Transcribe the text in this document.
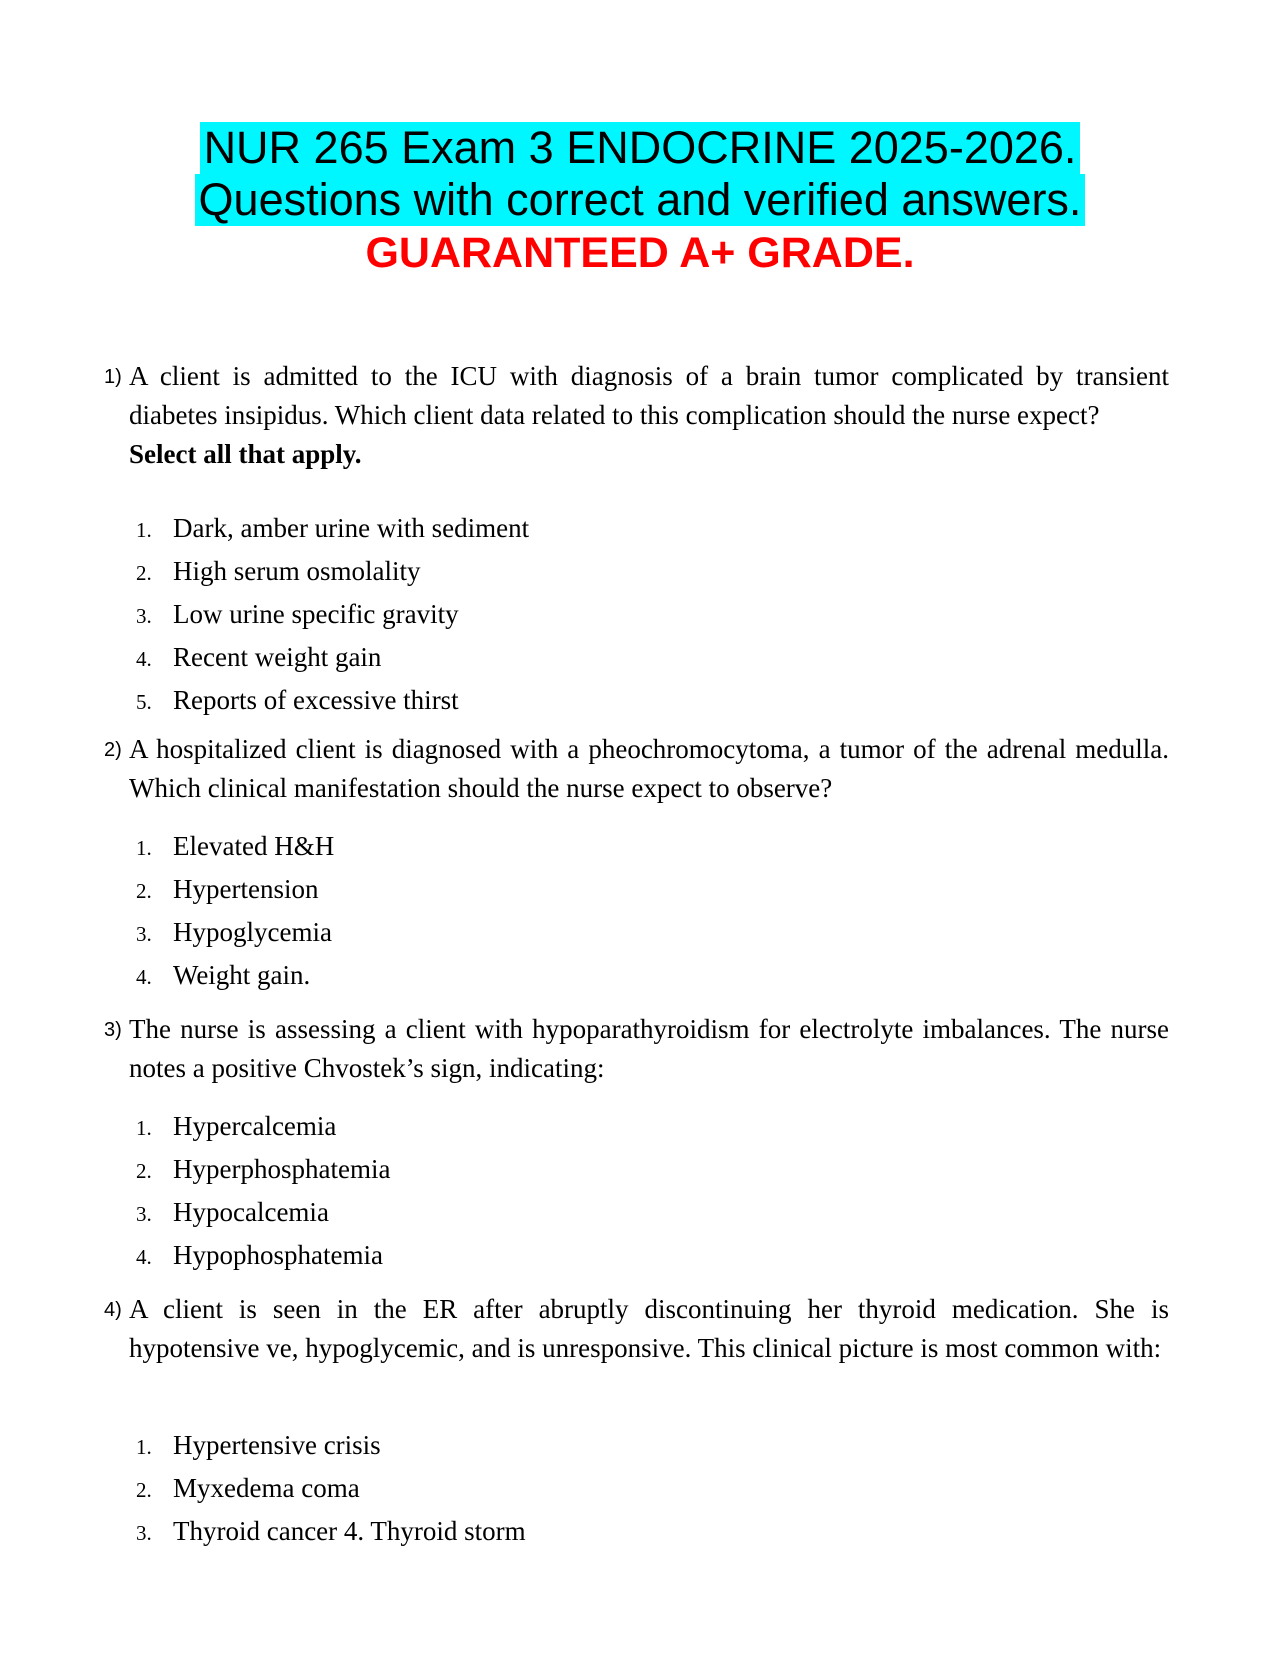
NUR 265 Exam 3 ENDOCRINE 2025-2026.
Questions with correct and verified answers.
GUARANTEED A+ GRADE.
1) A client is admitted to the ICU with diagnosis of a brain tumor complicated by transient diabetes insipidus. Which client data related to this complication should the nurse expect?
Select all that apply.
1. Dark, amber urine with sediment
2. High serum osmolality
3. Low urine specific gravity
4. Recent weight gain
5. Reports of excessive thirst
2) A hospitalized client is diagnosed with a pheochromocytoma, a tumor of the adrenal medulla. Which clinical manifestation should the nurse expect to observe?
1. Elevated H&H
2. Hypertension
3. Hypoglycemia
4. Weight gain.
3) The nurse is assessing a client with hypoparathyroidism for electrolyte imbalances. The nurse notes a positive Chvostek’s sign, indicating:
1. Hypercalcemia
2. Hyperphosphatemia
3. Hypocalcemia
4. Hypophosphatemia
4) A client is seen in the ER after abruptly discontinuing her thyroid medication. She is hypotensive ve, hypoglycemic, and is unresponsive. This clinical picture is most common with:
1. Hypertensive crisis
2. Myxedema coma
3. Thyroid cancer 4. Thyroid storm
